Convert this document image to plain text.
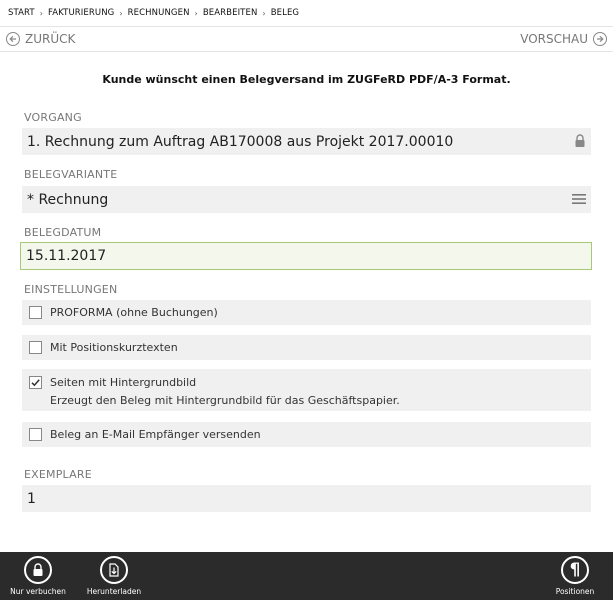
START › FAKTURIERUNG › RECHNUNGEN › BEARBEITEN › BELEG
ZURÜCK	VORSCHAU
Kunde wünscht einen Belegversand im ZUGFeRD PDF/A-3 Format.
VORGANG
1. Rechnung zum Auftrag AB170008 aus Projekt 2017.00010
BELEGVARIANTE
* Rechnung
BELEGDATUM
15.11.2017
EINSTELLUNGEN
PROFORMA (ohne Buchungen)
Mit Positionskurztexten
Seiten mit Hintergrundbild
Erzeugt den Beleg mit Hintergrundbild für das Geschäftspapier.
Beleg an E-Mail Empfänger versenden
EXEMPLARE
1
Nur verbuchen	Herunterladen
¶
Positionen
